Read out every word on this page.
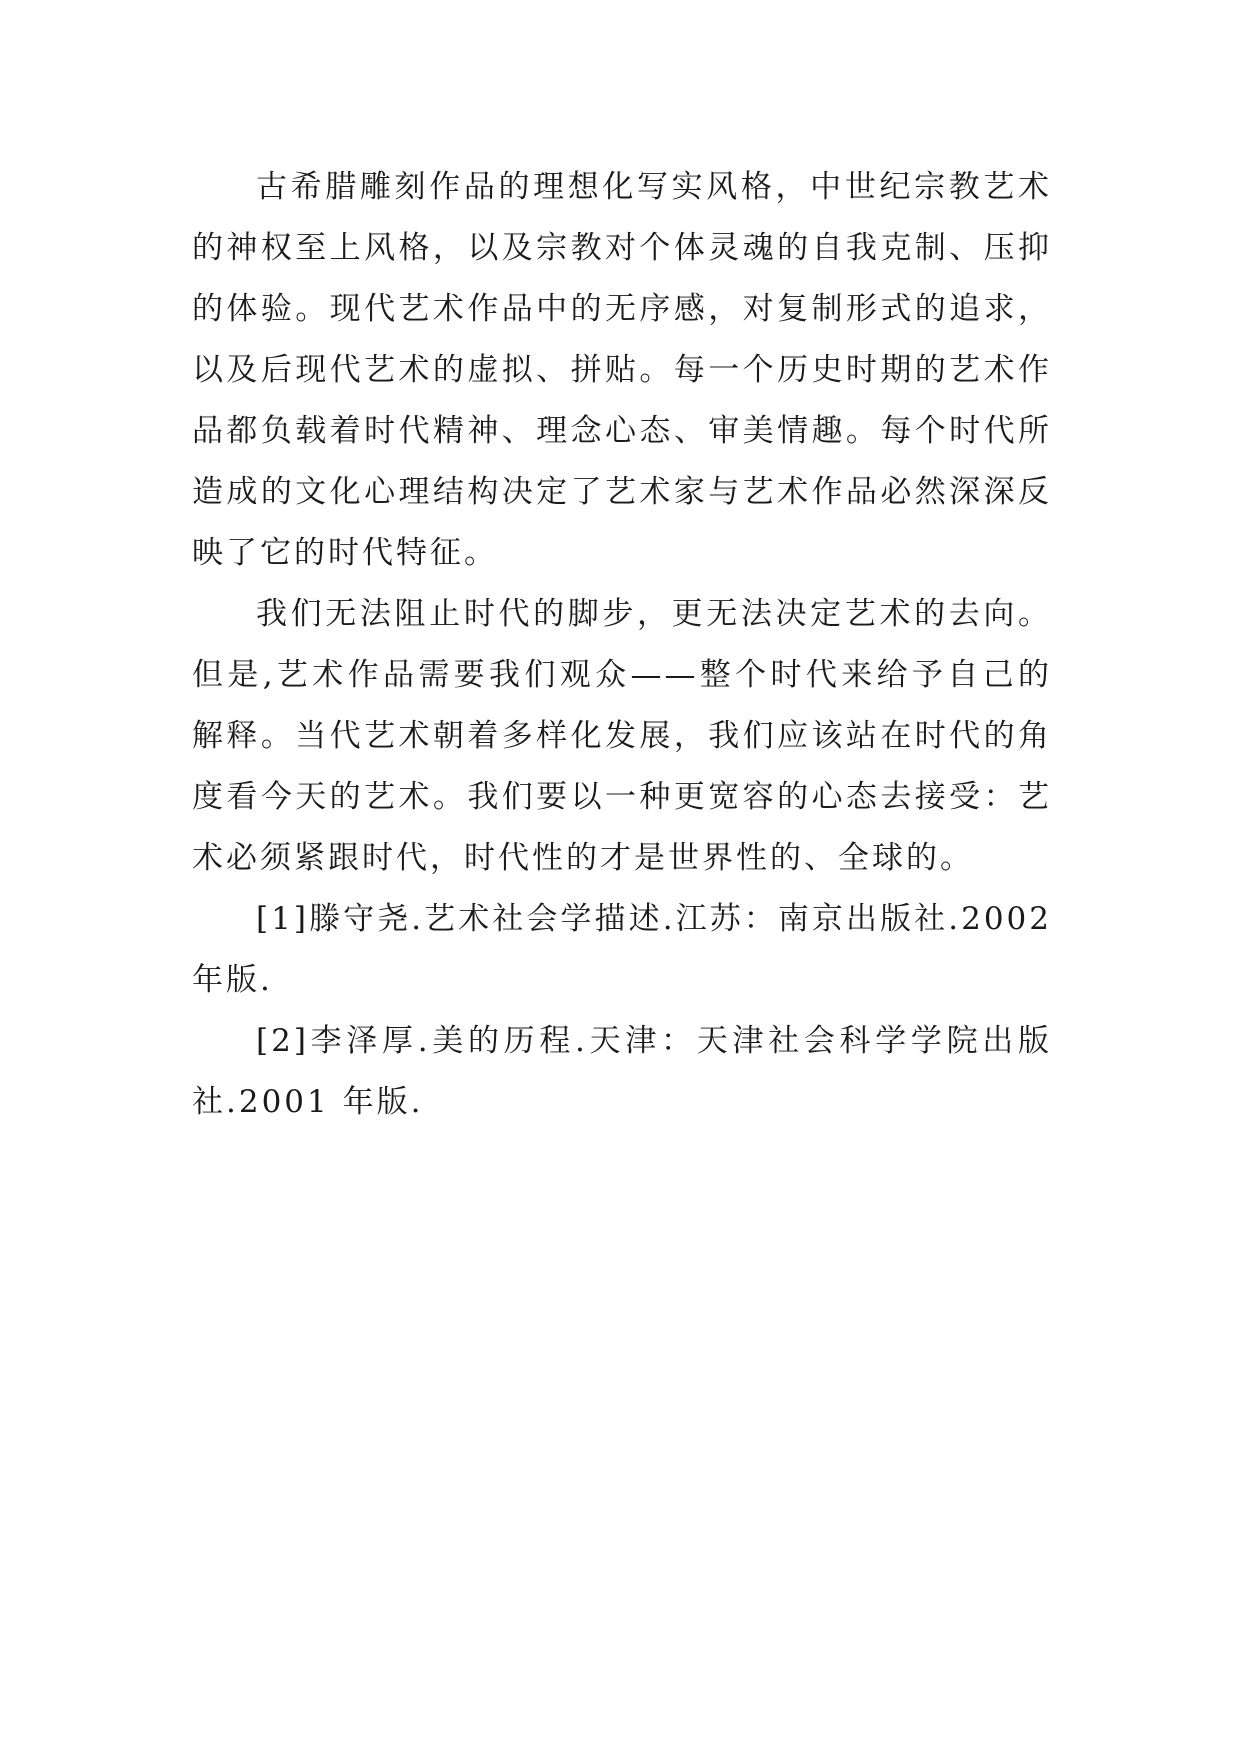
古希腊雕刻作品的理想化写实风格，中世纪宗教艺术的神权至上风格，以及宗教对个体灵魂的自我克制、压抑的体验。现代艺术作品中的无序感，对复制形式的追求，以及后现代艺术的虚拟、拼贴。每一个历史时期的艺术作品都负载着时代精神、理念心态、审美情趣。每个时代所造成的文化心理结构决定了艺术家与艺术作品必然深深反映了它的时代特征。

我们无法阻止时代的脚步，更无法决定艺术的去向。但是,艺术作品需要我们观众——整个时代来给予自己的解释。当代艺术朝着多样化发展，我们应该站在时代的角度看今天的艺术。我们要以一种更宽容的心态去接受：艺术必须紧跟时代，时代性的才是世界性的、全球的。

[1]滕守尧.艺术社会学描述.江苏：南京出版社.2002 年版.

[2]李泽厚.美的历程.天津：天津社会科学学院出版社.2001 年版.
